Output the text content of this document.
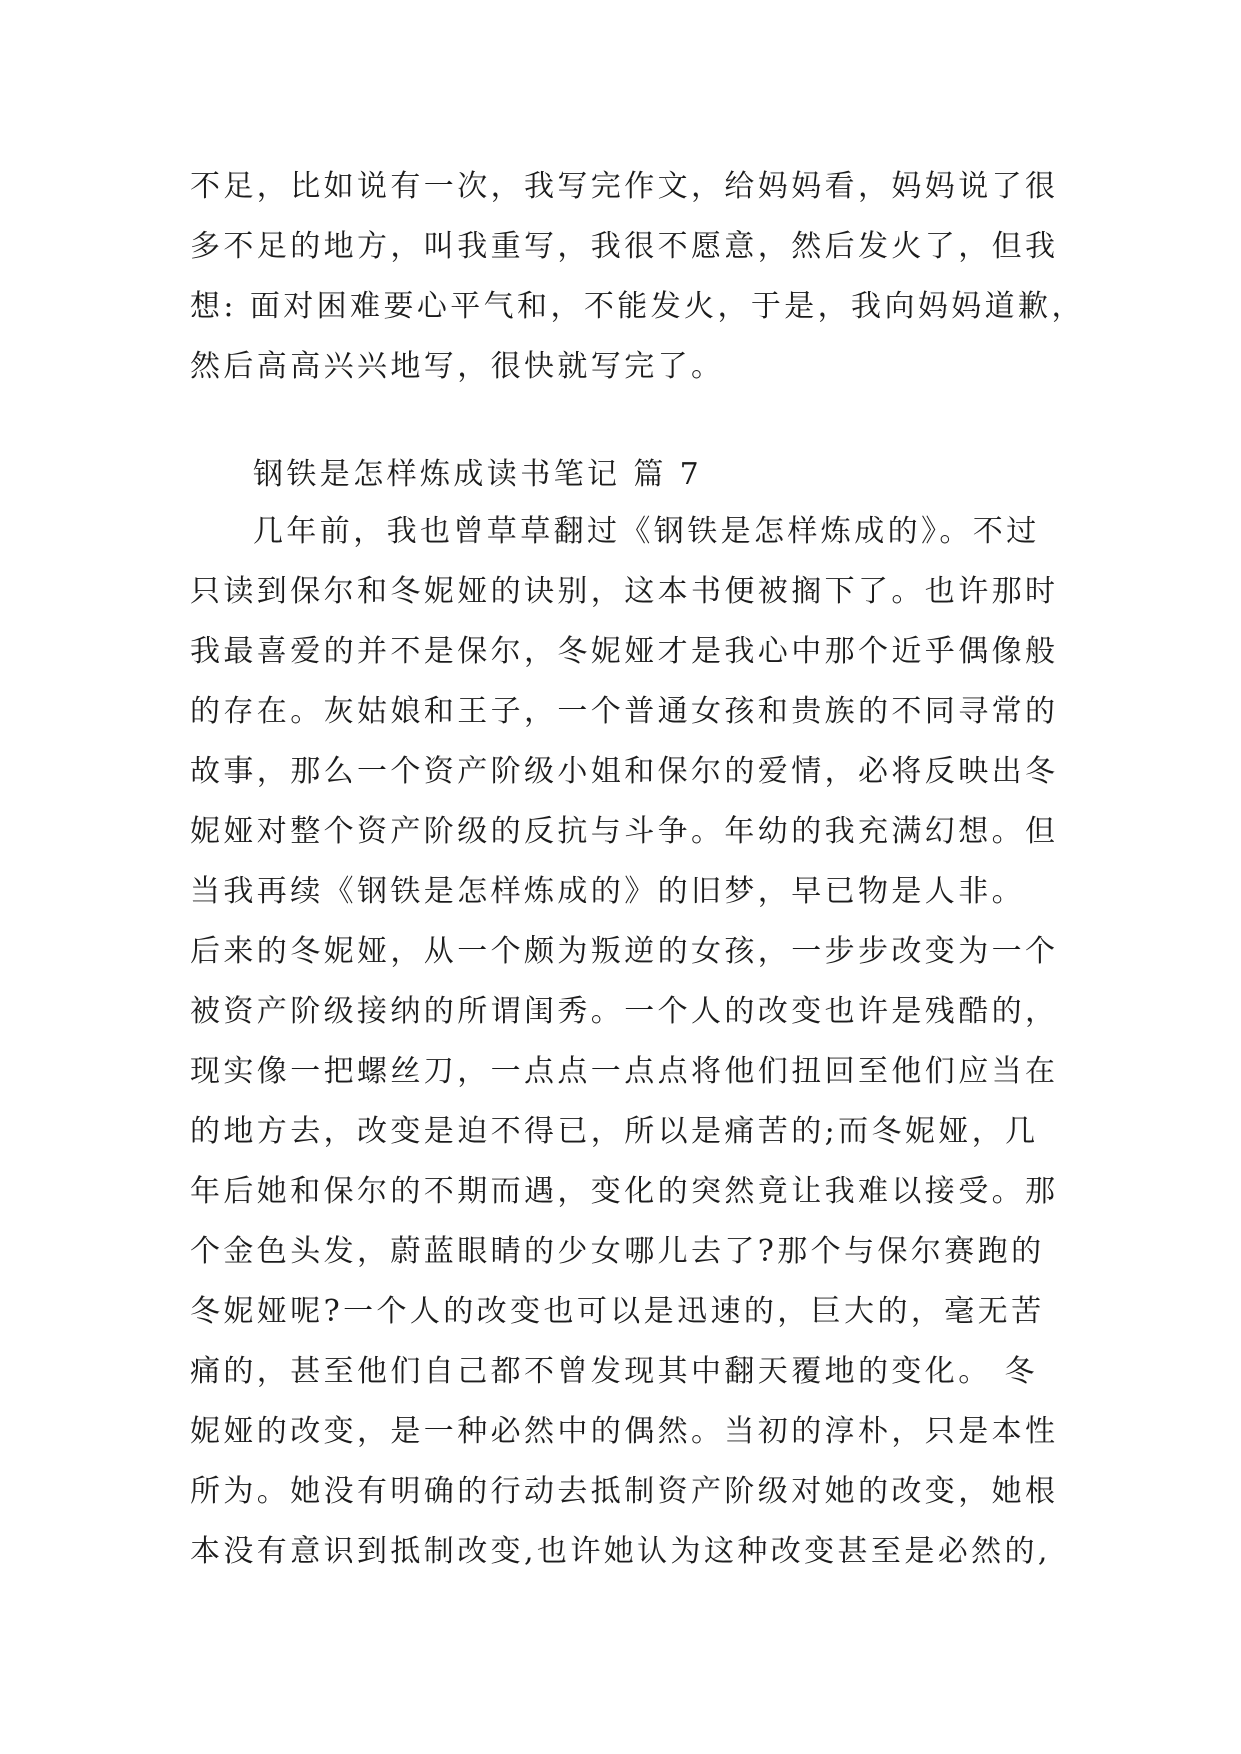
不足，比如说有一次，我写完作文，给妈妈看，妈妈说了很
多不足的地方，叫我重写，我很不愿意，然后发火了，但我
想: 面对困难要心平气和，不能发火，于是，我向妈妈道歉，
然后高高兴兴地写，很快就写完了。
钢铁是怎样炼成读书笔记 篇 7
几年前，我也曾草草翻过《钢铁是怎样炼成的》。不过
只读到保尔和冬妮娅的诀别，这本书便被搁下了。也许那时
我最喜爱的并不是保尔，冬妮娅才是我心中那个近乎偶像般
的存在。灰姑娘和王子，一个普通女孩和贵族的不同寻常的
故事，那么一个资产阶级小姐和保尔的爱情，必将反映出冬
妮娅对整个资产阶级的反抗与斗争。年幼的我充满幻想。但
当我再续《钢铁是怎样炼成的》的旧梦，早已物是人非。
后来的冬妮娅，从一个颇为叛逆的女孩，一步步改变为一个
被资产阶级接纳的所谓闺秀。一个人的改变也许是残酷的，
现实像一把螺丝刀，一点点一点点将他们扭回至他们应当在
的地方去，改变是迫不得已，所以是痛苦的;而冬妮娅，几
年后她和保尔的不期而遇，变化的突然竟让我难以接受。那
个金色头发，蔚蓝眼睛的少女哪儿去了?那个与保尔赛跑的
冬妮娅呢?一个人的改变也可以是迅速的，巨大的，毫无苦
痛的，甚至他们自己都不曾发现其中翻天覆地的变化。 冬
妮娅的改变，是一种必然中的偶然。当初的淳朴，只是本性
所为。她没有明确的行动去抵制资产阶级对她的改变，她根
本没有意识到抵制改变,也许她认为这种改变甚至是必然的,
